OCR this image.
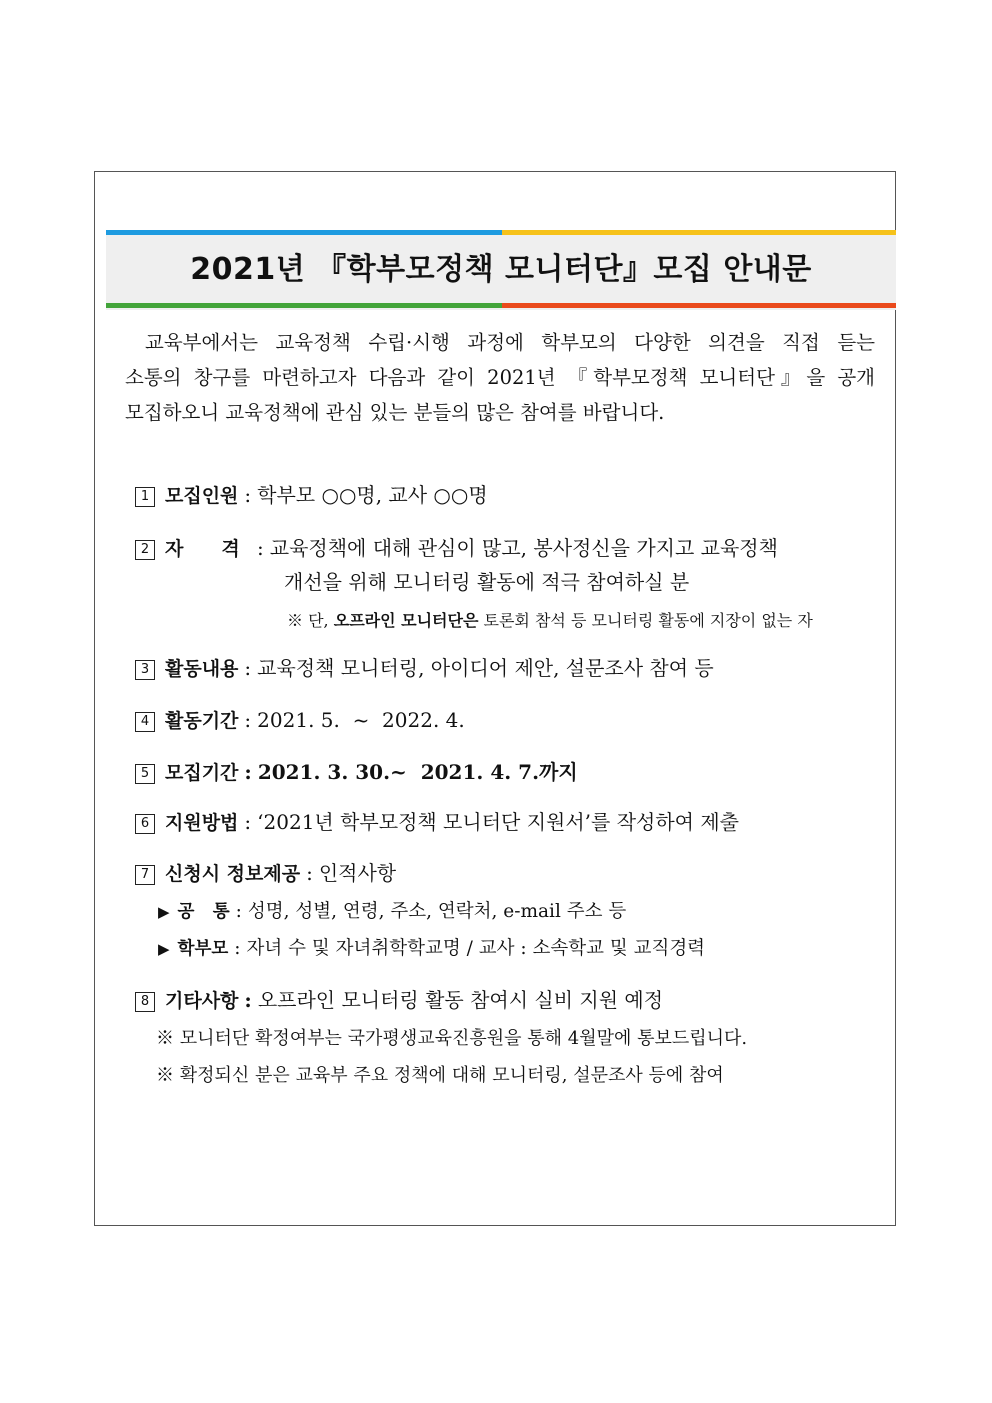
2021년 『학부모정책 모니터단』모집 안내문
교육부에서는 교육정책 수립·시행 과정에 학부모의 다양한 의견을 직접 듣는
소통의 창구를 마련하고자 다음과 같이 2021년 『학부모정책 모니터단』을 공개
모집하오니 교육정책에 관심 있는 분들의 많은 참여를 바랍니다.
1 모집인원 : 학부모 ○○명, 교사 ○○명
2 자 격 : 교육정책에 대해 관심이 많고, 봉사정신을 가지고 교육정책
개선을 위해 모니터링 활동에 적극 참여하실 분
※ 단, 오프라인 모니터단은 토론회 참석 등 모니터링 활동에 지장이 없는 자
3 활동내용 : 교육정책 모니터링, 아이디어 제안, 설문조사 참여 등
4 활동기간 : 2021. 5.  ~  2022. 4.
5 모집기간 : 2021. 3. 30.~  2021. 4. 7.까지
6 지원방법 : ‘2021년 학부모정책 모니터단 지원서’를 작성하여 제출
7 신청시 정보제공 : 인적사항
▶ 공   통 : 성명, 성별, 연령, 주소, 연락처, e-mail 주소 등
▶ 학부모 : 자녀 수 및 자녀취학학교명 / 교사 : 소속학교 및 교직경력
8 기타사항 : 오프라인 모니터링 활동 참여시 실비 지원 예정
※ 모니터단 확정여부는 국가평생교육진흥원을 통해 4월말에 통보드립니다.
※ 확정되신 분은 교육부 주요 정책에 대해 모니터링, 설문조사 등에 참여
